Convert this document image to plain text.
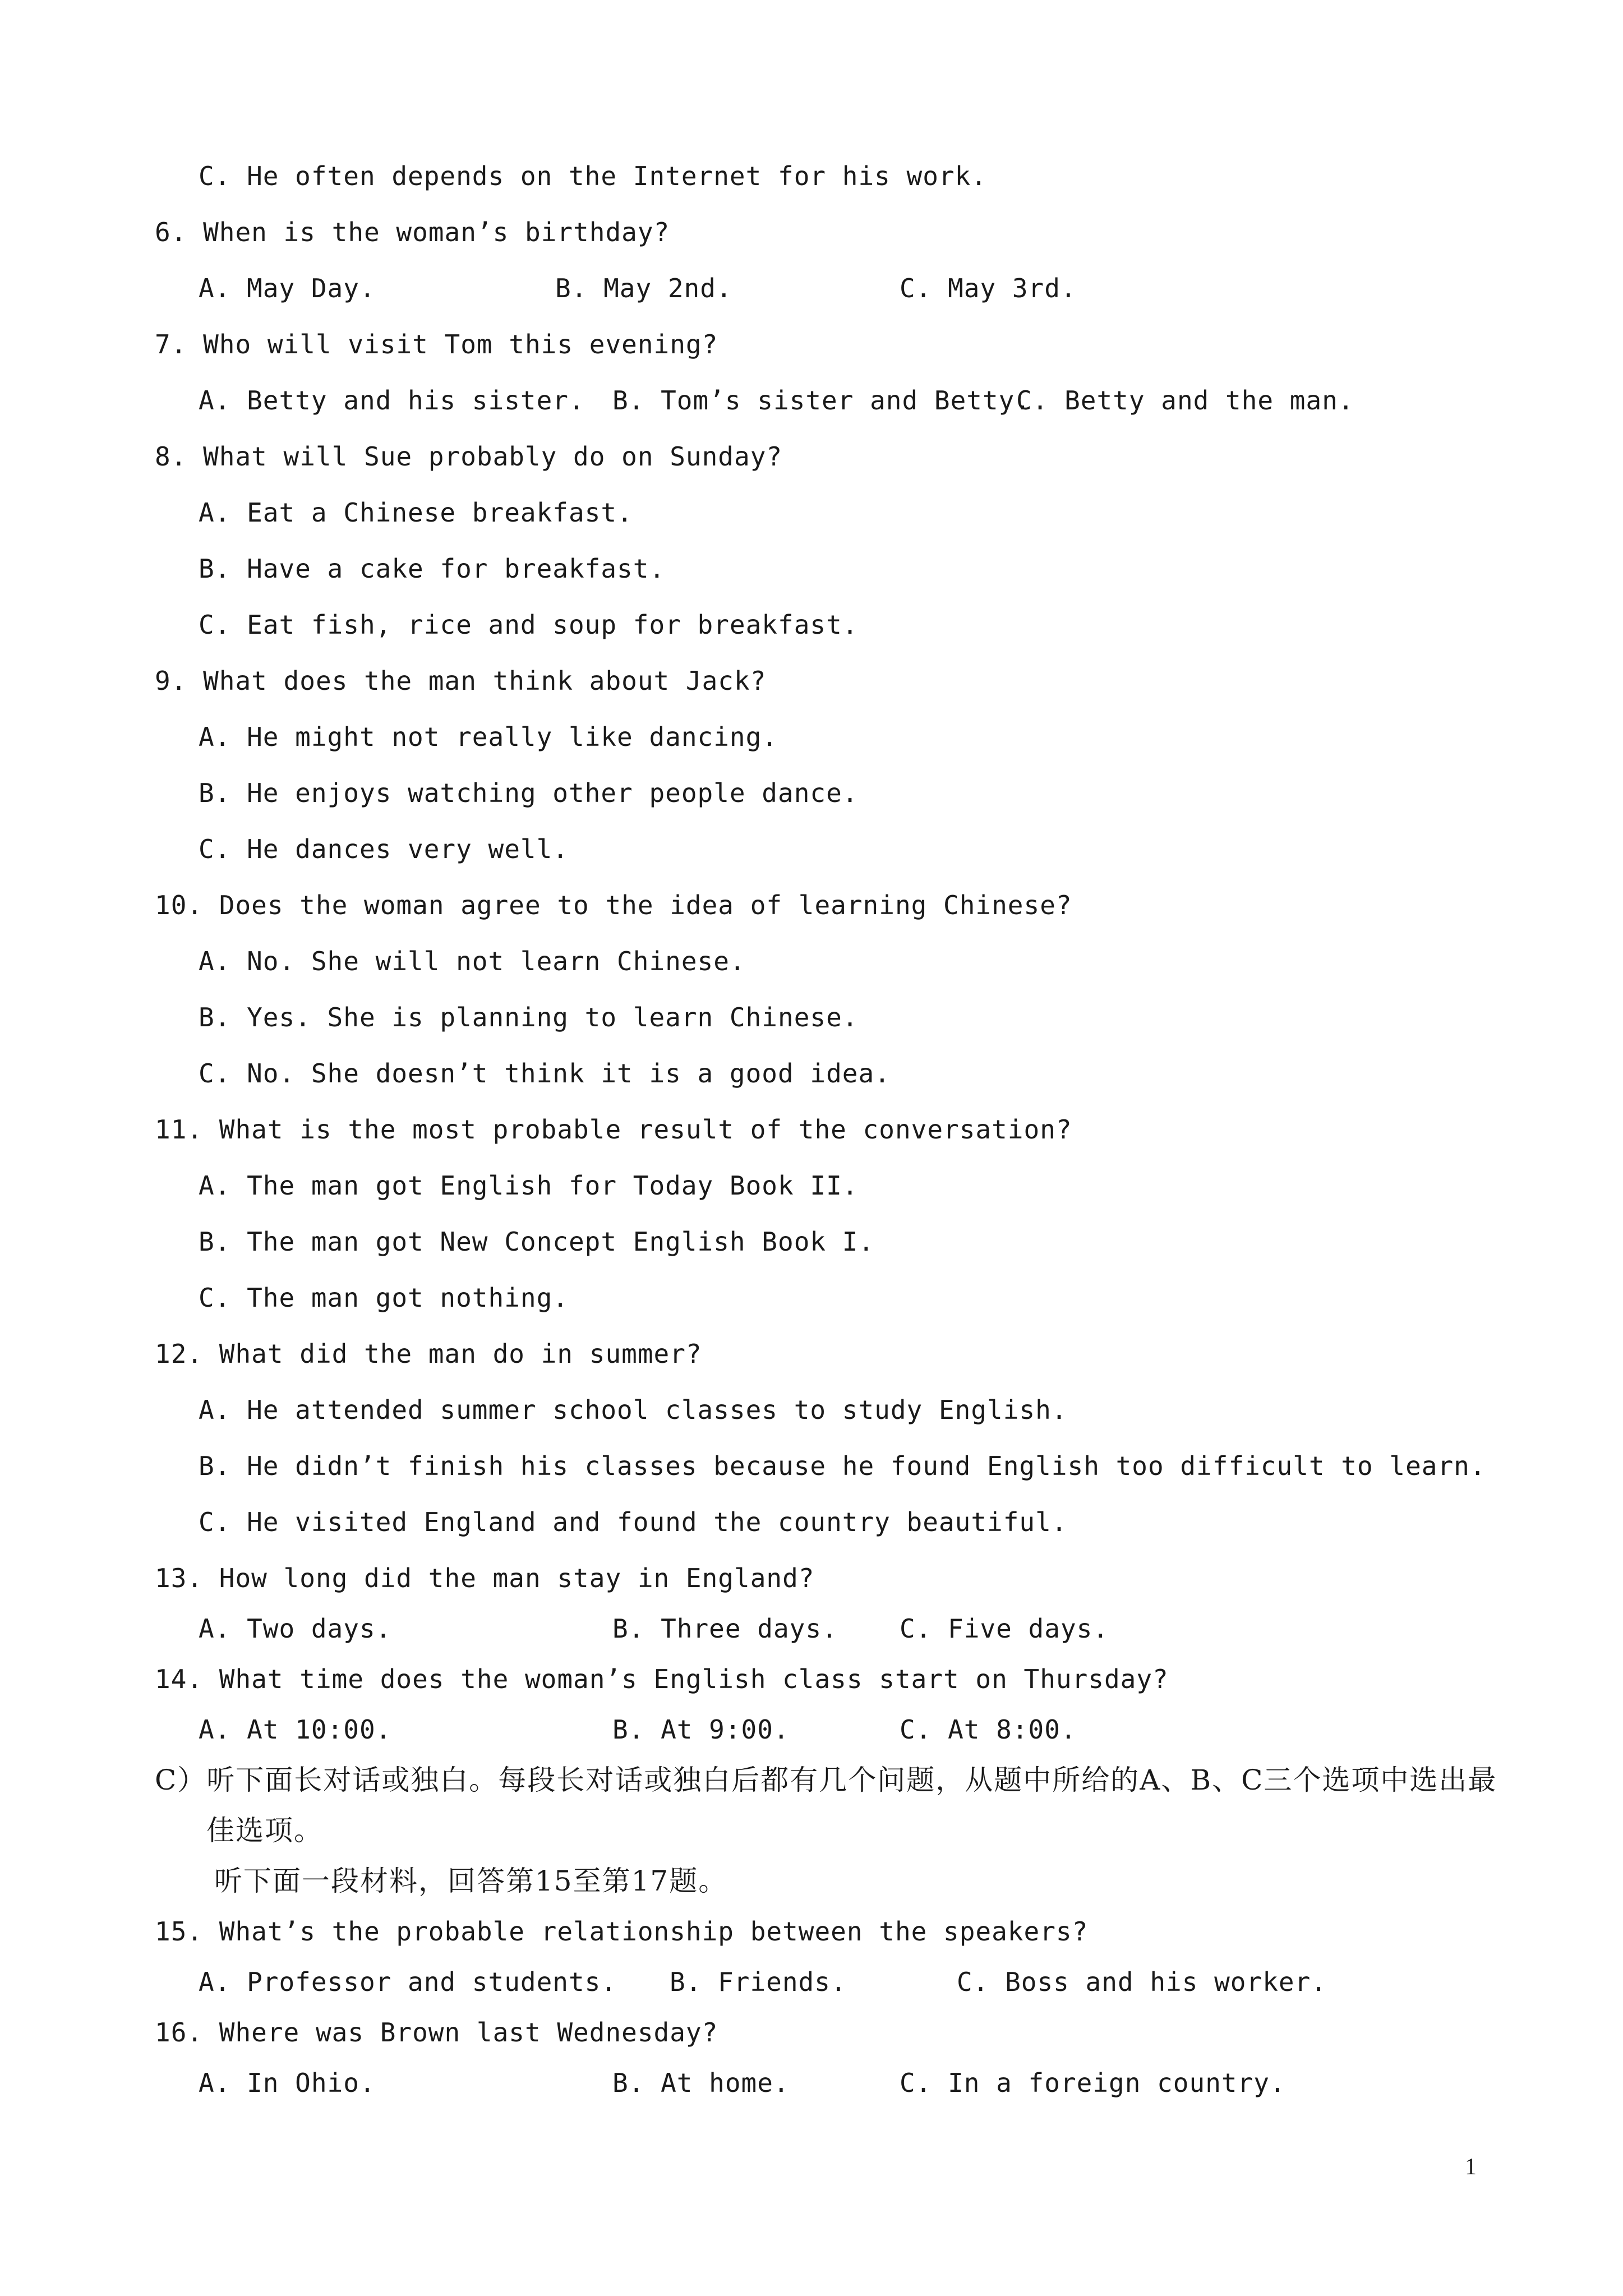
C. He often depends on the Internet for his work.
6. When is the woman’s birthday?

A. May Day.

	B. May 2nd.

	C. May 3rd.

7. Who will visit Tom this evening?

A. Betty and his sister.

B. Tom’s sister and Betty.

C. Betty and the man.

8. What will Sue probably do on Sunday?
A. Eat a Chinese breakfast.
B. Have a cake for breakfast.
C. Eat fish, rice and soup for breakfast.
9. What does the man think about Jack?
A. He might not really like dancing.
B. He enjoys watching other people dance.
C. He dances very well.
10. Does the woman agree to the idea of learning Chinese?
A. No. She will not learn Chinese.
B. Yes. She is planning to learn Chinese.
C. No. She doesn’t think it is a good idea.
11. What is the most probable result of the conversation?
A. The man got English for Today Book II.
B. The man got New Concept English Book I.
C. The man got nothing.
12. What did the man do in summer?
A. He attended summer school classes to study English.
B. He didn’t finish his classes because he found English too difficult to learn.
C. He visited England and found the country beautiful.
13. How long did the man stay in England?

A. Two days.

	B. Three days.

C. Five days.

14. What time does the woman’s English class start on Thursday?

A. At 10:00.

	B. At 9:00.

	C. At 8:00.

C）听下面长对话或独白。每段长对话或独白后都有几个问题，从题中所给的A、B、C三个选项中选出最
佳选项。
听下面一段材料，回答第15至第17题。
15. What’s the probable relationship between the speakers?

A. Professor and students.

B. Friends.

	C. Boss and his worker.

16. Where was Brown last Wednesday?

A. In Ohio.

	B. At home.

	C. In a foreign country.

1
